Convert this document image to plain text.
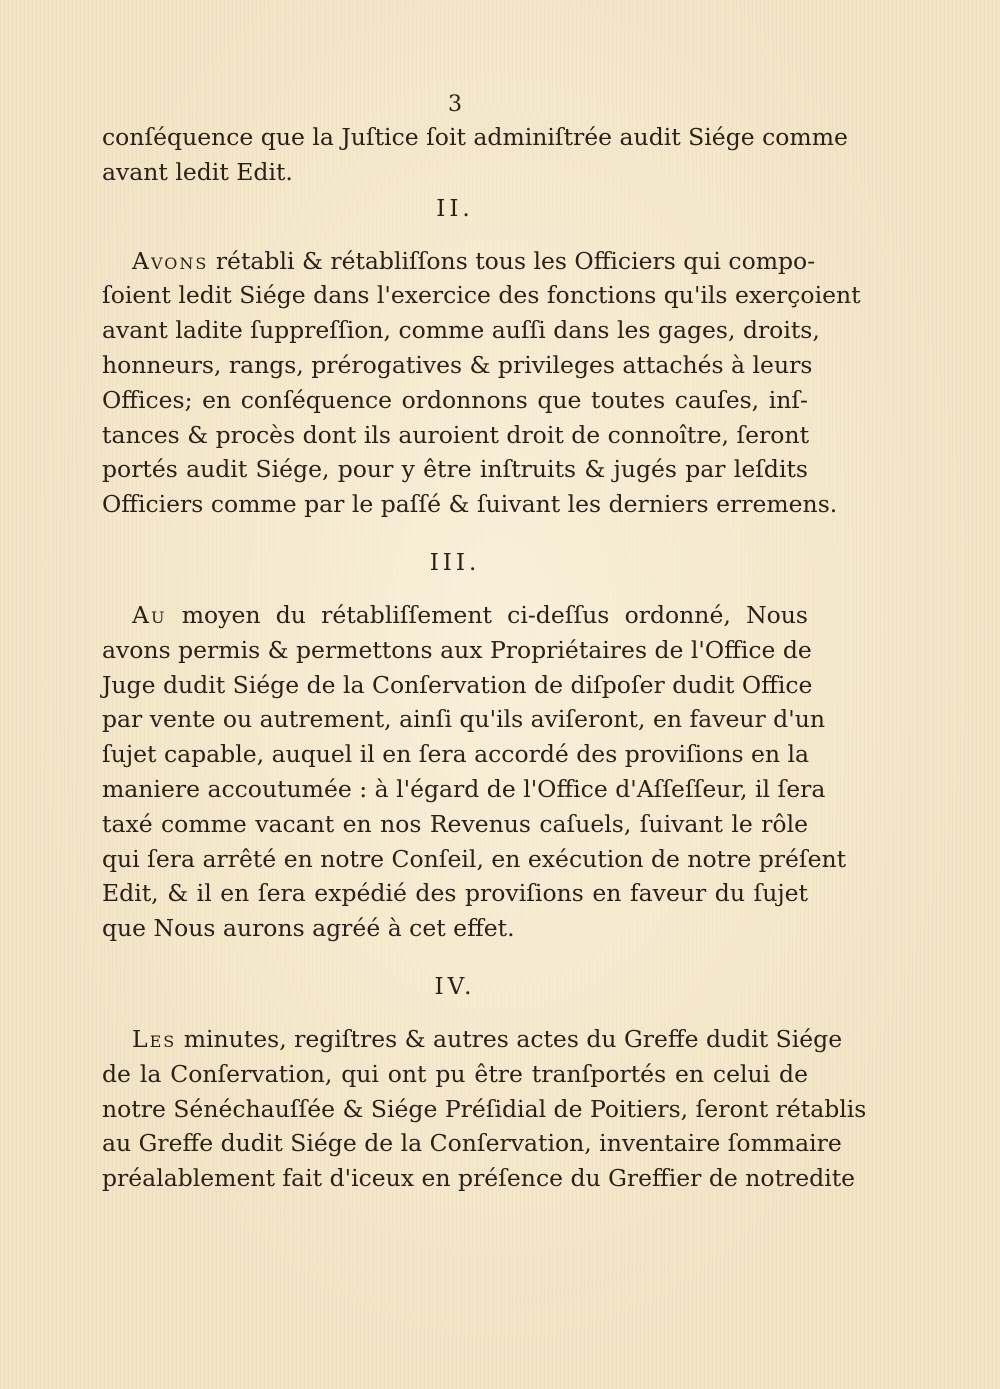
3
conſéquence que la Juſtice ſoit adminiſtrée audit Siége comme
avant ledit Edit.
II.
Avons rétabli & rétabliſſons tous les Officiers qui compo-
ſoient ledit Siége dans l'exercice des fonctions qu'ils exerçoient
avant ladite ſuppreſſion, comme auſſi dans les gages, droits,
honneurs, rangs, prérogatives & privileges attachés à leurs
Offices; en conſéquence ordonnons que toutes cauſes, inſ-
tances & procès dont ils auroient droit de connoître, ſeront
portés audit Siége, pour y être inſtruits & jugés par leſdits
Officiers comme par le paſſé & ſuivant les derniers erremens.
III.
Au moyen du rétabliſſement ci-deſſus ordonné, Nous
avons permis & permettons aux Propriétaires de l'Office de
Juge dudit Siége de la Conſervation de diſpoſer dudit Office
par vente ou autrement, ainſi qu'ils aviſeront, en faveur d'un
ſujet capable, auquel il en ſera accordé des proviſions en la
maniere accoutumée : à l'égard de l'Office d'Aſſeſſeur, il ſera
taxé comme vacant en nos Revenus caſuels, ſuivant le rôle
qui ſera arrêté en notre Conſeil, en exécution de notre préſent
Edit, & il en ſera expédié des proviſions en faveur du ſujet
que Nous aurons agréé à cet effet.
IV.
Les minutes, regiſtres & autres actes du Greffe dudit Siége
de la Conſervation, qui ont pu être tranſportés en celui de
notre Sénéchauſſée & Siége Préſidial de Poitiers, ſeront rétablis
au Greffe dudit Siége de la Conſervation, inventaire ſommaire
préalablement fait d'iceux en préſence du Greffier de notredite
